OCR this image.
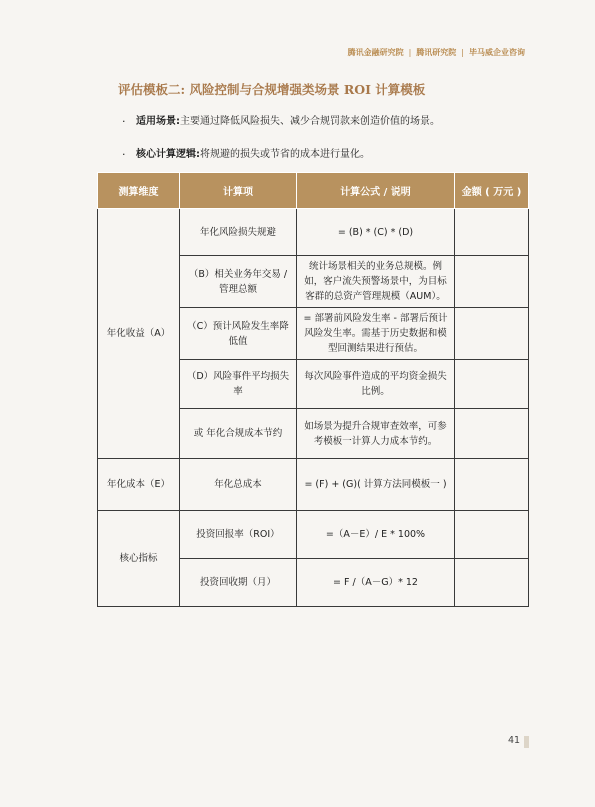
腾讯金融研究院 | 腾讯研究院 | 毕马威企业咨询
评估模板二: 风险控制与合规增强类场景 ROI 计算模板
·	适用场景: 主要通过降低风险损失、减少合规罚款来创造价值的场景。
·	核心计算逻辑: 将规避的损失或节省的成本进行量化。
测算维度	计算项	计算公式 / 说明	金额 ( 万元 )
年化收益（A）	年化风险损失规避	= (B) * (C) * (D)	
	（B）相关业务年交易 / 管理总额	统计场景相关的业务总规模。例如，客户流失预警场景中，为目标客群的总资产管理规模（AUM）。	
	（C）预计风险发生率降低值	= 部署前风险发生率 - 部署后预计风险发生率。需基于历史数据和模型回测结果进行预估。	
	（D）风险事件平均损失率	每次风险事件造成的平均资金损失比例。	
	或 年化合规成本节约	如场景为提升合规审查效率，可参考模板一计算人力成本节约。	
年化成本（E）	年化总成本	= (F) + (G)( 计算方法同模板一 )	
核心指标	投资回报率（ROI）	=（A－E）/ E * 100%	
	投资回收期（月）	= F /（A－G）* 12	
41
